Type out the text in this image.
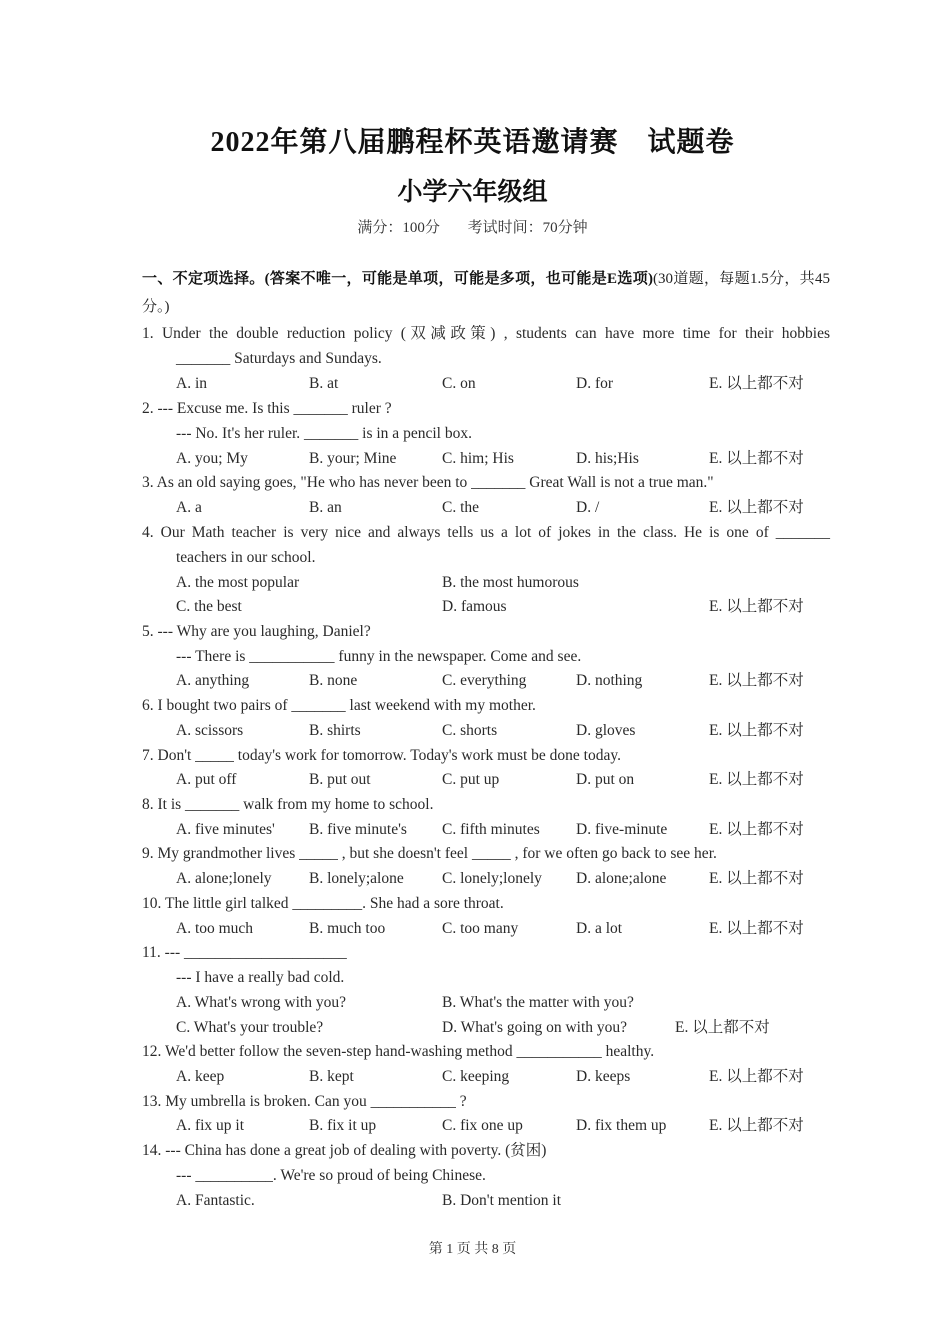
2022年第八届鹏程杯英语邀请赛　试题卷
小学六年级组
满分：100分 考试时间：70分钟
一、不定项选择。(答案不唯一，可能是单项，可能是多项，也可能是E选项)(30道题，每题1.5分，共45分。)
1. Under the double reduction policy (双减政策) , students can have more time for their hobbies
_______ Saturdays and Sundays.
A. in	B. at	C. on	D. for	E. 以上都不对
2. --- Excuse me. Is this _______ ruler ?
--- No. It's her ruler. _______ is in a pencil box.
A. you; My	B. your; Mine	C. him; His	D. his;His	E. 以上都不对
3. As an old saying goes, "He who has never been to _______ Great Wall is not a true man."
A. a	B. an	C. the	D. /	E. 以上都不对
4. Our Math teacher is very nice and always tells us a lot of jokes in the class. He is one of _______
teachers in our school.
A. the most popular	B. the most humorous
C. the best	D. famous	E. 以上都不对
5. --- Why are you laughing, Daniel?
--- There is ___________ funny in the newspaper. Come and see.
A. anything	B. none	C. everything	D. nothing	E. 以上都不对
6. I bought two pairs of _______ last weekend with my mother.
A. scissors	B. shirts	C. shorts	D. gloves	E. 以上都不对
7. Don't _____ today's work for tomorrow. Today's work must be done today.
A. put off	B. put out	C. put up	D. put on	E. 以上都不对
8. It is _______ walk from my home to school.
A. five minutes' B. five minute's C. fifth minutes D. five-minute	E. 以上都不对
9. My grandmother lives _____ , but she doesn't feel _____ , for we often go back to see her.
A. alone;lonely B. lonely;alone C. lonely;lonely D. alone;alone	E. 以上都不对
10. The little girl talked _________. She had a sore throat.
A. too much	B. much too	C. too many	D. a lot	E. 以上都不对
11. --- _____________________
--- I have a really bad cold.
A. What's wrong with you?	B. What's the matter with you?
C. What's your trouble?	D. What's going on with you?	E. 以上都不对
12. We'd better follow the seven-step hand-washing method ___________ healthy.
A. keep	B. kept	C. keeping	D. keeps	E. 以上都不对
13. My umbrella is broken. Can you ___________ ?
A. fix up it	B. fix it up	C. fix one up	D. fix them up	E. 以上都不对
14. --- China has done a great job of dealing with poverty. (贫困)
--- __________. We're so proud of being Chinese.
A. Fantastic.	B. Don't mention it
第 1 页 共 8 页
